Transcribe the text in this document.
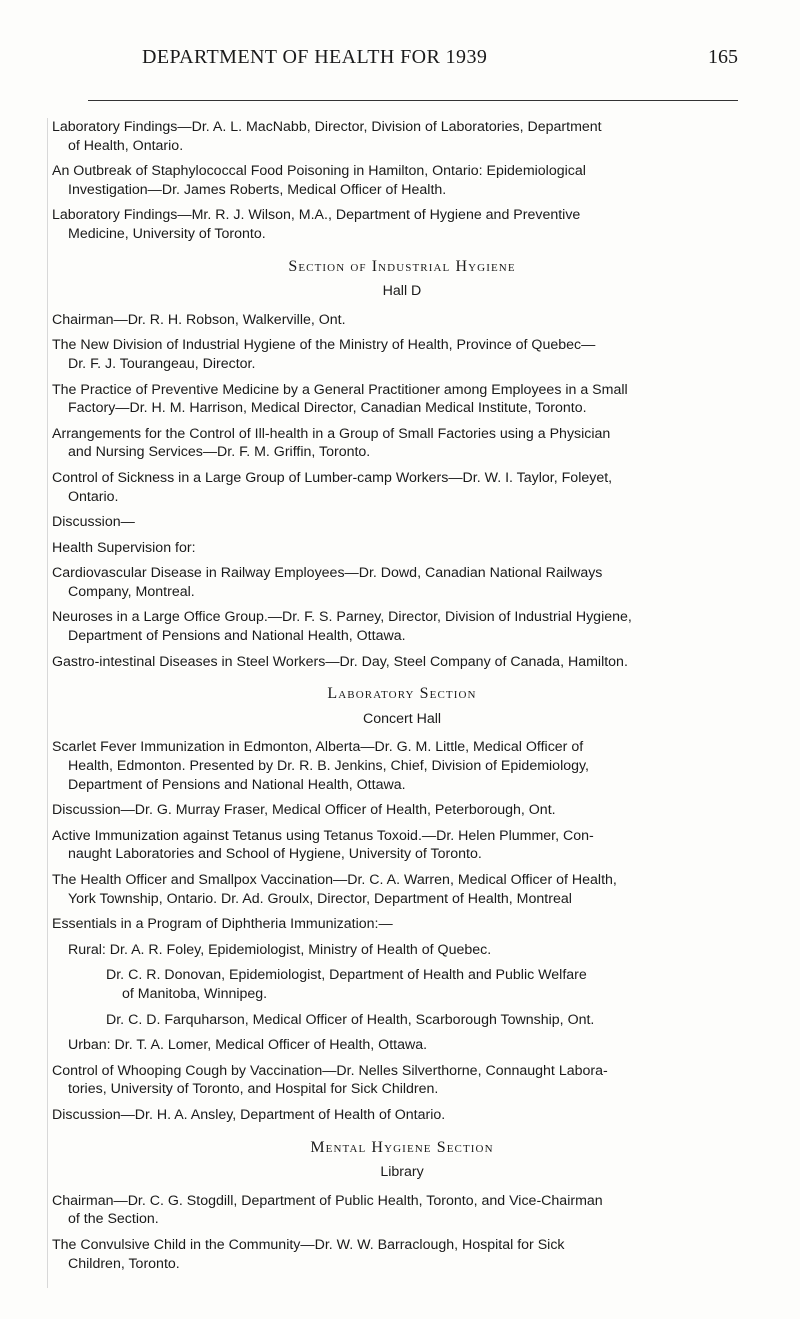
DEPARTMENT OF HEALTH FOR 1939	165
Laboratory Findings—Dr. A. L. MacNabb, Director, Division of Laboratories, Department
of Health, Ontario.
An Outbreak of Staphylococcal Food Poisoning in Hamilton, Ontario: Epidemiological
Investigation—Dr. James Roberts, Medical Officer of Health.
Laboratory Findings—Mr. R. J. Wilson, M.A., Department of Hygiene and Preventive
Medicine, University of Toronto.
Section of Industrial Hygiene
Hall D
Chairman—Dr. R. H. Robson, Walkerville, Ont.
The New Division of Industrial Hygiene of the Ministry of Health, Province of Quebec—
Dr. F. J. Tourangeau, Director.
The Practice of Preventive Medicine by a General Practitioner among Employees in a Small
Factory—Dr. H. M. Harrison, Medical Director, Canadian Medical Institute, Toronto.
Arrangements for the Control of Ill-health in a Group of Small Factories using a Physician
and Nursing Services—Dr. F. M. Griffin, Toronto.
Control of Sickness in a Large Group of Lumber-camp Workers—Dr. W. I. Taylor, Foleyet,
Ontario.
Discussion—
Health Supervision for:
Cardiovascular Disease in Railway Employees—Dr. Dowd, Canadian National Railways
Company, Montreal.
Neuroses in a Large Office Group.—Dr. F. S. Parney, Director, Division of Industrial Hygiene,
Department of Pensions and National Health, Ottawa.
Gastro-intestinal Diseases in Steel Workers—Dr. Day, Steel Company of Canada, Hamilton.
Laboratory Section
Concert Hall
Scarlet Fever Immunization in Edmonton, Alberta—Dr. G. M. Little, Medical Officer of
Health, Edmonton. Presented by Dr. R. B. Jenkins, Chief, Division of Epidemiology,
Department of Pensions and National Health, Ottawa.
Discussion—Dr. G. Murray Fraser, Medical Officer of Health, Peterborough, Ont.
Active Immunization against Tetanus using Tetanus Toxoid.—Dr. Helen Plummer, Con-
naught Laboratories and School of Hygiene, University of Toronto.
The Health Officer and Smallpox Vaccination—Dr. C. A. Warren, Medical Officer of Health,
York Township, Ontario. Dr. Ad. Groulx, Director, Department of Health, Montreal
Essentials in a Program of Diphtheria Immunization:—
Rural: Dr. A. R. Foley, Epidemiologist, Ministry of Health of Quebec.
Dr. C. R. Donovan, Epidemiologist, Department of Health and Public Welfare
of Manitoba, Winnipeg.
Dr. C. D. Farquharson, Medical Officer of Health, Scarborough Township, Ont.
Urban: Dr. T. A. Lomer, Medical Officer of Health, Ottawa.
Control of Whooping Cough by Vaccination—Dr. Nelles Silverthorne, Connaught Labora-
tories, University of Toronto, and Hospital for Sick Children.
Discussion—Dr. H. A. Ansley, Department of Health of Ontario.
Mental Hygiene Section
Library
Chairman—Dr. C. G. Stogdill, Department of Public Health, Toronto, and Vice-Chairman
of the Section.
The Convulsive Child in the Community—Dr. W. W. Barraclough, Hospital for Sick
Children, Toronto.
